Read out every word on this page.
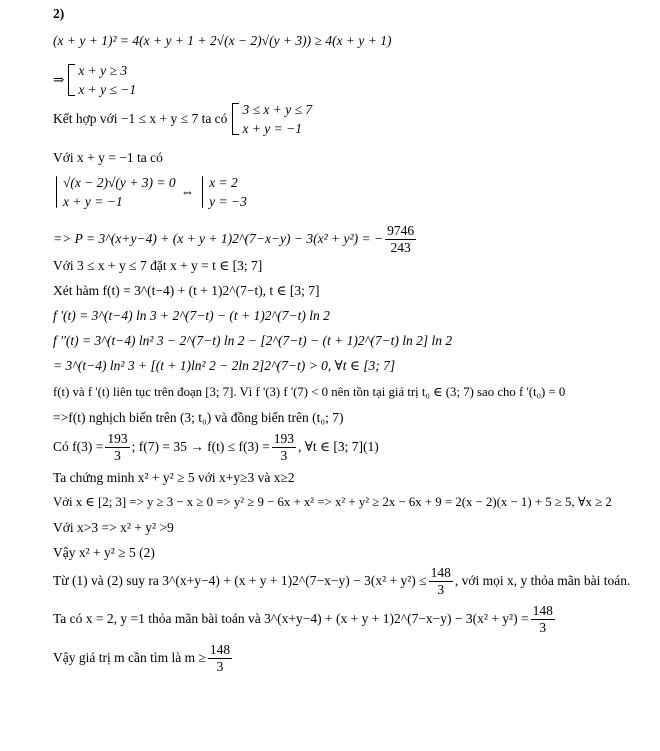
2)
(x + y + 1)² = 4(x + y + 1 + 2√(x − 2)√(y + 3)) ≥ 4(x + y + 1)
⇒
x + y ≥ 3
x + y ≤ −1
Kết hợp với −1 ≤ x + y ≤ 7 ta có
3 ≤ x + y ≤ 7
x + y = −1
Với x + y = −1 ta có
√(x − 2)√(y + 3) = 0
x + y = −1
⇔
x = 2
y = −3
=> P = 3^(x+y−4) + (x + y + 1)2^(7−x−y) − 3(x² + y²) = − $\frac{9746}{243}$
Với 3 ≤ x + y ≤ 7 đặt x + y = t ∈ [3; 7]
Xét hàm f(t) = 3^(t−4) + (t + 1)2^(7−t), t ∈ [3; 7]
f '(t) = 3^(t−4) ln 3 + 2^(7−t) − (t + 1)2^(7−t) ln 2
f ''(t) = 3^(t−4) ln² 3 − 2^(7−t) ln 2 − [2^(7−t) − (t + 1)2^(7−t) ln 2] ln 2
= 3^(t−4) ln² 3 + [(t + 1)ln² 2 − 2ln 2]2^(7−t) > 0, ∀t ∈ [3; 7]
f(t) và f '(t) liên tục trên đoạn [3; 7]. Vì f '(3) f '(7) < 0 nên tồn tại giá trị t₀ ∈ (3; 7) sao cho f '(t₀) = 0
=>f(t) nghịch biến trên (3; t₀) và đồng biến trên (t₀; 7)
Có $f(3) = \frac{193}{3}$ ; $f(7) = 35 \to f(t) \le f(3) = \frac{193}{3}$ , ∀t ∈ [3; 7](1)
Ta chứng minh x² + y² ≥ 5 với x+y≥3 và x≥2
Với x ∈ [2; 3] => y ≥ 3 − x ≥ 0 => y² ≥ 9 − 6x + x² => x² + y² ≥ 2x − 6x + 9 = 2(x − 2)(x − 1) + 5 ≥ 5, ∀x ≥ 2
Với x>3 => x² + y² >9
Vậy x² + y² ≥ 5 (2)
Từ (1) và (2) suy ra 3^(x+y−4) + (x + y + 1)2^(7−x−y) − $3(x^2 + y^2) \le \frac{148}{3}$ , với mọi x, y thỏa mãn bài toán.
Ta có x = 2, y =1 thỏa mãn bài toán và 3^(x+y−4) + (x + y + 1)2^(7−x−y) − $3(x^2 + y^2) = \frac{148}{3}$
Vậy giá trị m cần tìm là $m \ge \frac{148}{3}$
